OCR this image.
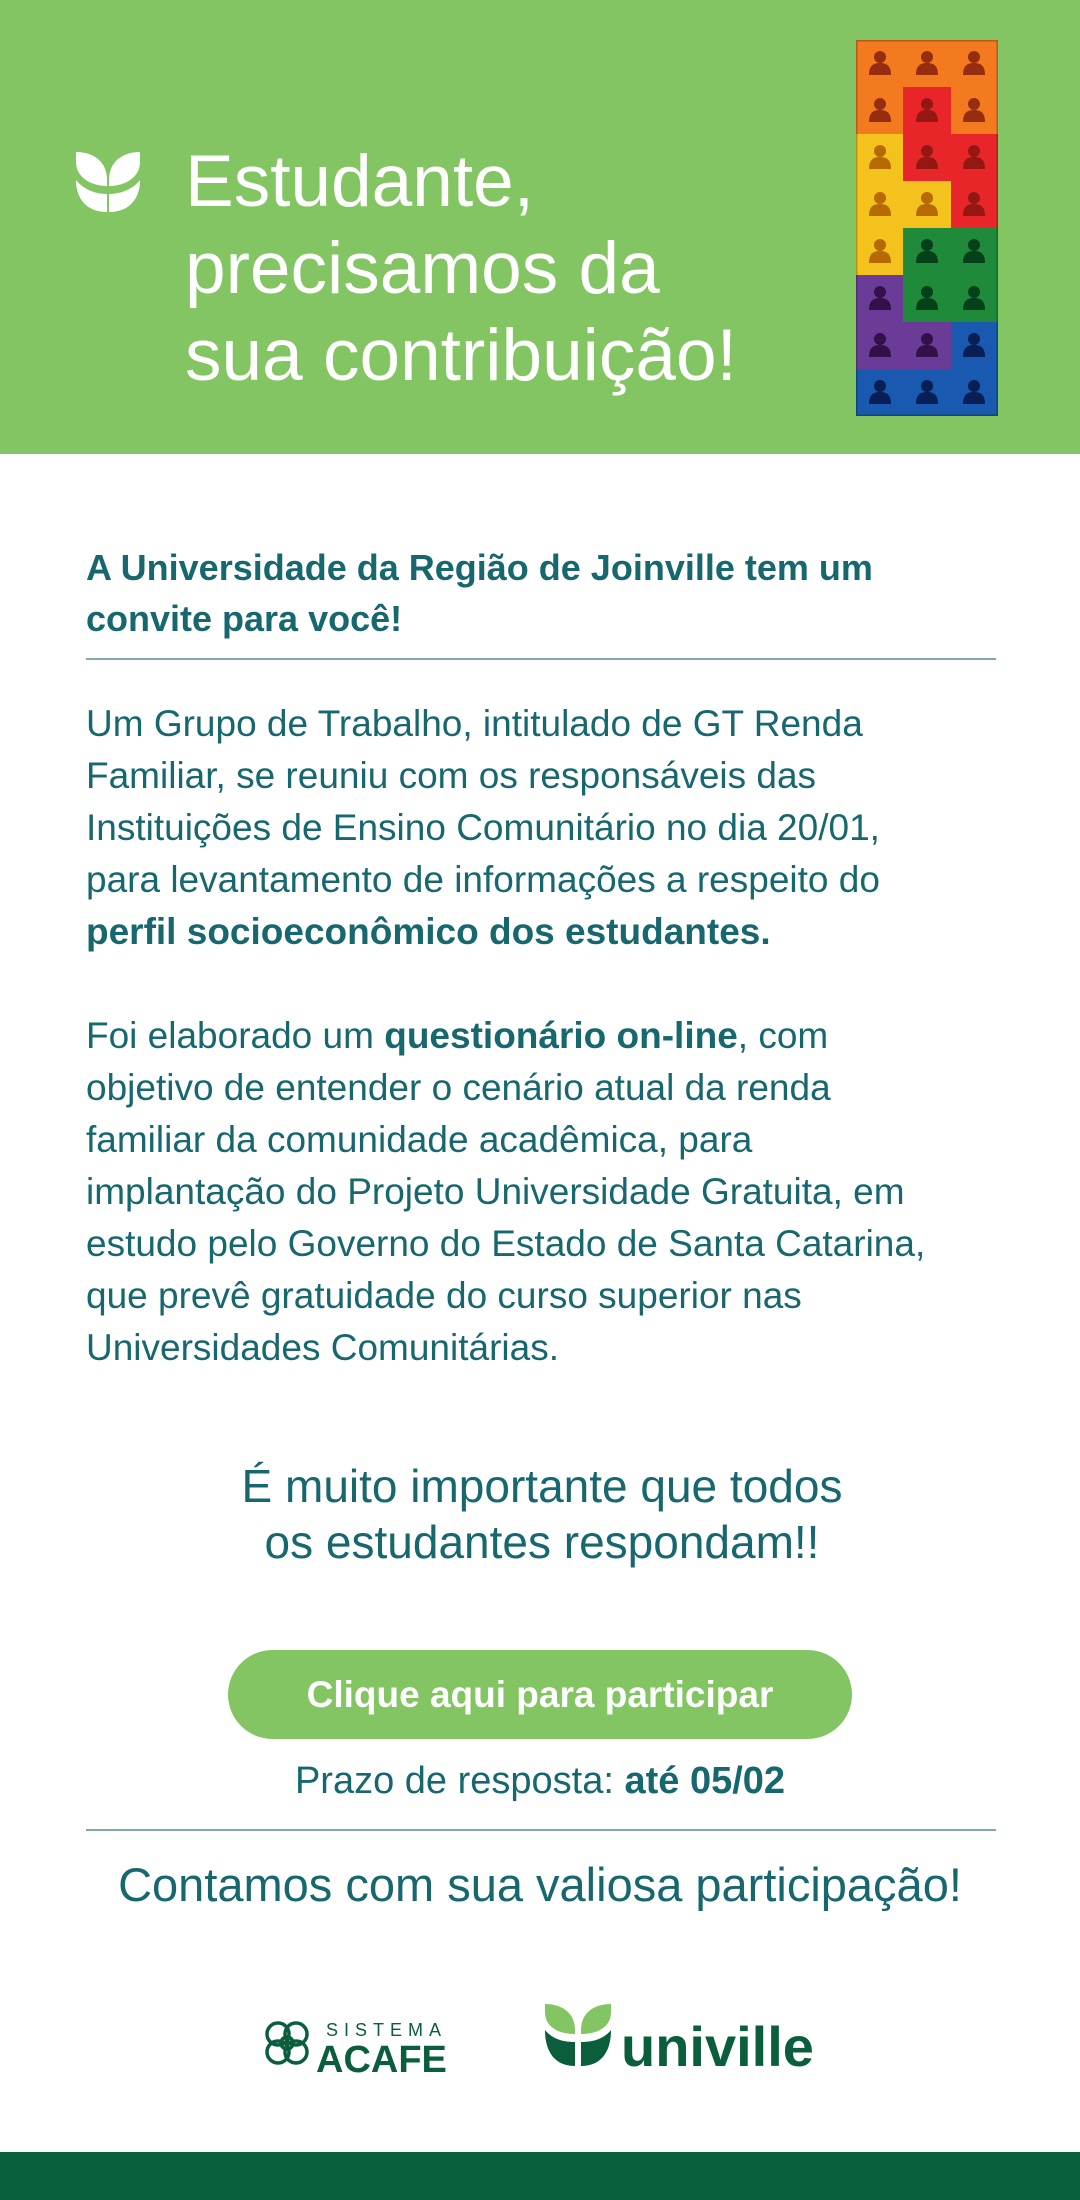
Estudante,
precisamos da
sua contribuição!
A Universidade da Região de Joinville tem um
convite para você!
Um Grupo de Trabalho, intitulado de GT Renda
Familiar, se reuniu com os responsáveis das
Instituições de Ensino Comunitário no dia 20/01,
para levantamento de informações a respeito do
perfil socioeconômico dos estudantes.
Foi elaborado um questionário on-line, com
objetivo de entender o cenário atual da renda
familiar da comunidade acadêmica, para
implantação do Projeto Universidade Gratuita, em
estudo pelo Governo do Estado de Santa Catarina,
que prevê gratuidade do curso superior nas
Universidades Comunitárias.
É muito importante que todos
os estudantes respondam!!
Clique aqui para participar
Prazo de resposta: até 05/02
Contamos com sua valiosa participação!
SISTEMA
ACAFE	univille
